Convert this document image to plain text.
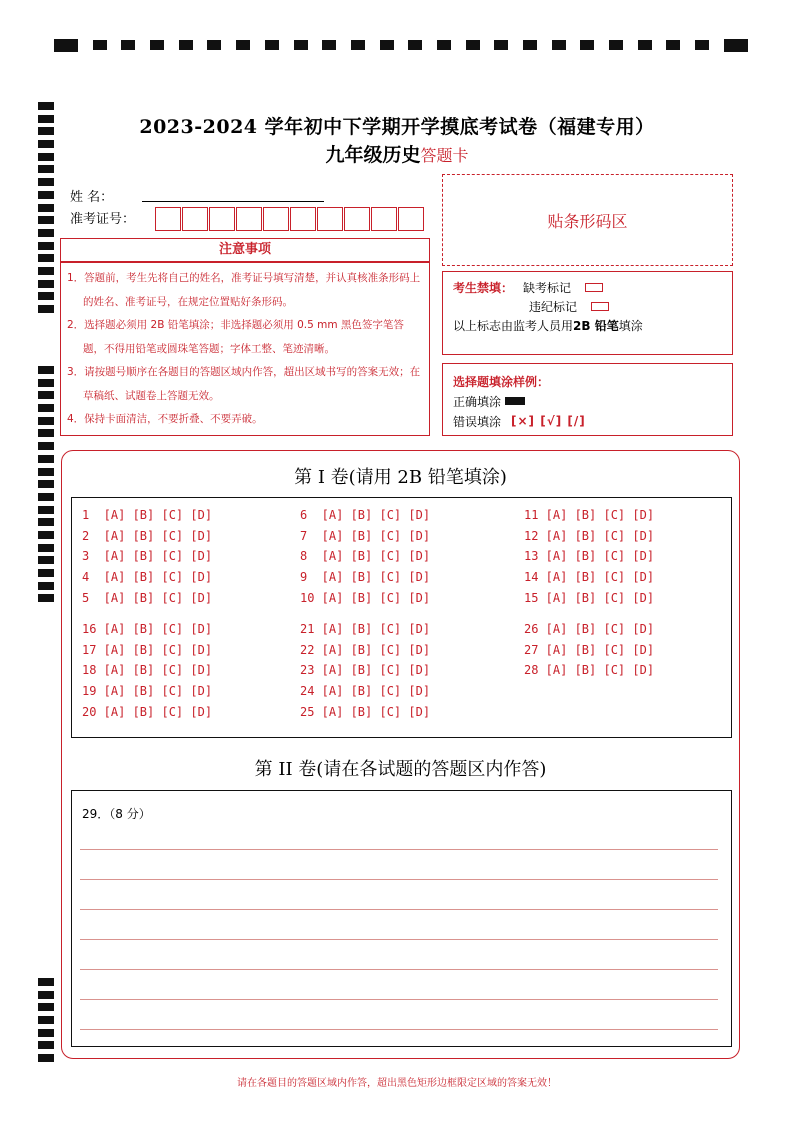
2023-2024 学年初中下学期开学摸底考试卷（福建专用）
九年级历史答题卡
姓 名：
准考证号：
注意事项
1．答题前，考生先将自己的姓名，准考证号填写清楚，并认真核准条形码上的姓名、准考证号，在规定位置贴好条形码。
2．选择题必须用 2B 铅笔填涂；非选择题必须用 0.5 mm 黑色签字笔答题，不得用铅笔或圆珠笔答题；字体工整、笔迹清晰。
3．请按题号顺序在各题目的答题区域内作答，超出区域书写的答案无效；在草稿纸、试题卷上答题无效。
4．保持卡面清洁，不要折叠、不要弄破。
贴条形码区
考生禁填： 缺考标记
违纪标记
以上标志由监考人员用 2B 铅笔 填涂
选择题填涂样例：
正确填涂
错误填涂 [×] [√] [/]
第 I 卷(请用 2B 铅笔填涂)
1  [A] [B] [C] [D]
2  [A] [B] [C] [D]
3  [A] [B] [C] [D]
4  [A] [B] [C] [D]
5  [A] [B] [C] [D]
6  [A] [B] [C] [D]
7  [A] [B] [C] [D]
8  [A] [B] [C] [D]
9  [A] [B] [C] [D]
10 [A] [B] [C] [D]
11 [A] [B] [C] [D]
12 [A] [B] [C] [D]
13 [A] [B] [C] [D]
14 [A] [B] [C] [D]
15 [A] [B] [C] [D]
16 [A] [B] [C] [D]
17 [A] [B] [C] [D]
18 [A] [B] [C] [D]
19 [A] [B] [C] [D]
20 [A] [B] [C] [D]
21 [A] [B] [C] [D]
22 [A] [B] [C] [D]
23 [A] [B] [C] [D]
24 [A] [B] [C] [D]
25 [A] [B] [C] [D]
26 [A] [B] [C] [D]
27 [A] [B] [C] [D]
28 [A] [B] [C] [D]
第 II 卷(请在各试题的答题区内作答)
29．（8 分）
请在各题目的答题区域内作答，超出黑色矩形边框限定区域的答案无效！
